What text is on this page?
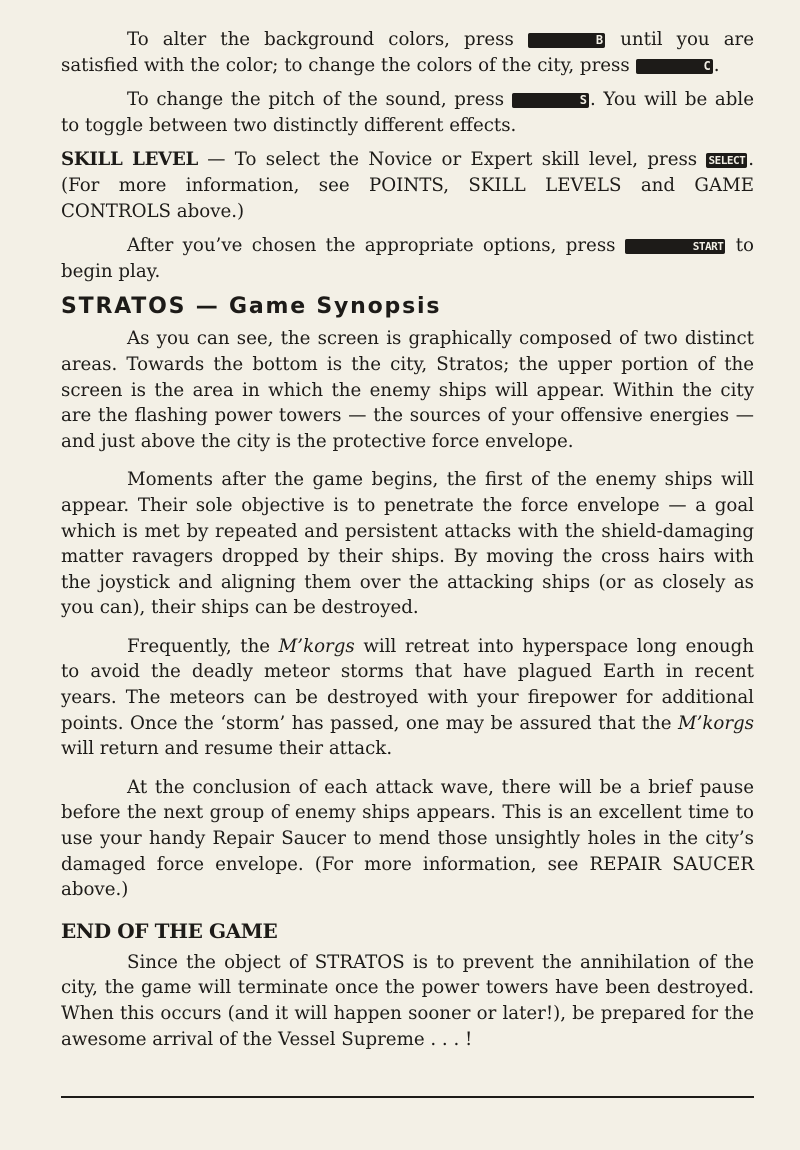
To alter the background colors, press	B until you are satisfied with the color; to change the colors of the city, press	C .

To change the pitch of the sound, press	S . You will be able to toggle between two distinctly different effects.

SKILL LEVEL — To select the Novice or Expert skill level, press SELECT . (For more information, see POINTS, SKILL LEVELS and GAME CONTROLS above.)

After you’ve chosen the appropriate options, press	START to begin play.

STRATOS — Game Synopsis

As you can see, the screen is graphically composed of two distinct areas. Towards the bottom is the city, Stratos; the upper portion of the screen is the area in which the enemy ships will appear. Within the city are the flashing power towers — the sources of your offensive energies — and just above the city is the protective force envelope.

Moments after the game begins, the first of the enemy ships will appear. Their sole objective is to penetrate the force envelope — a goal which is met by repeated and persistent attacks with the shield-damaging matter ravagers dropped by their ships. By moving the cross hairs with the joystick and aligning them over the attacking ships (or as closely as you can), their ships can be destroyed.

Frequently, the M’korgs will retreat into hyperspace long enough to avoid the deadly meteor storms that have plagued Earth in recent years. The meteors can be destroyed with your firepower for additional points. Once the ‘storm’ has passed, one may be assured that the M’korgs will return and resume their attack.

At the conclusion of each attack wave, there will be a brief pause before the next group of enemy ships appears. This is an excellent time to use your handy Repair Saucer to mend those unsightly holes in the city’s damaged force envelope. (For more information, see REPAIR SAUCER above.)

END OF THE GAME

Since the object of STRATOS is to prevent the annihilation of the city, the game will terminate once the power towers have been destroyed. When this occurs (and it will happen sooner or later!), be prepared for the awesome arrival of the Vessel Supreme . . . !
